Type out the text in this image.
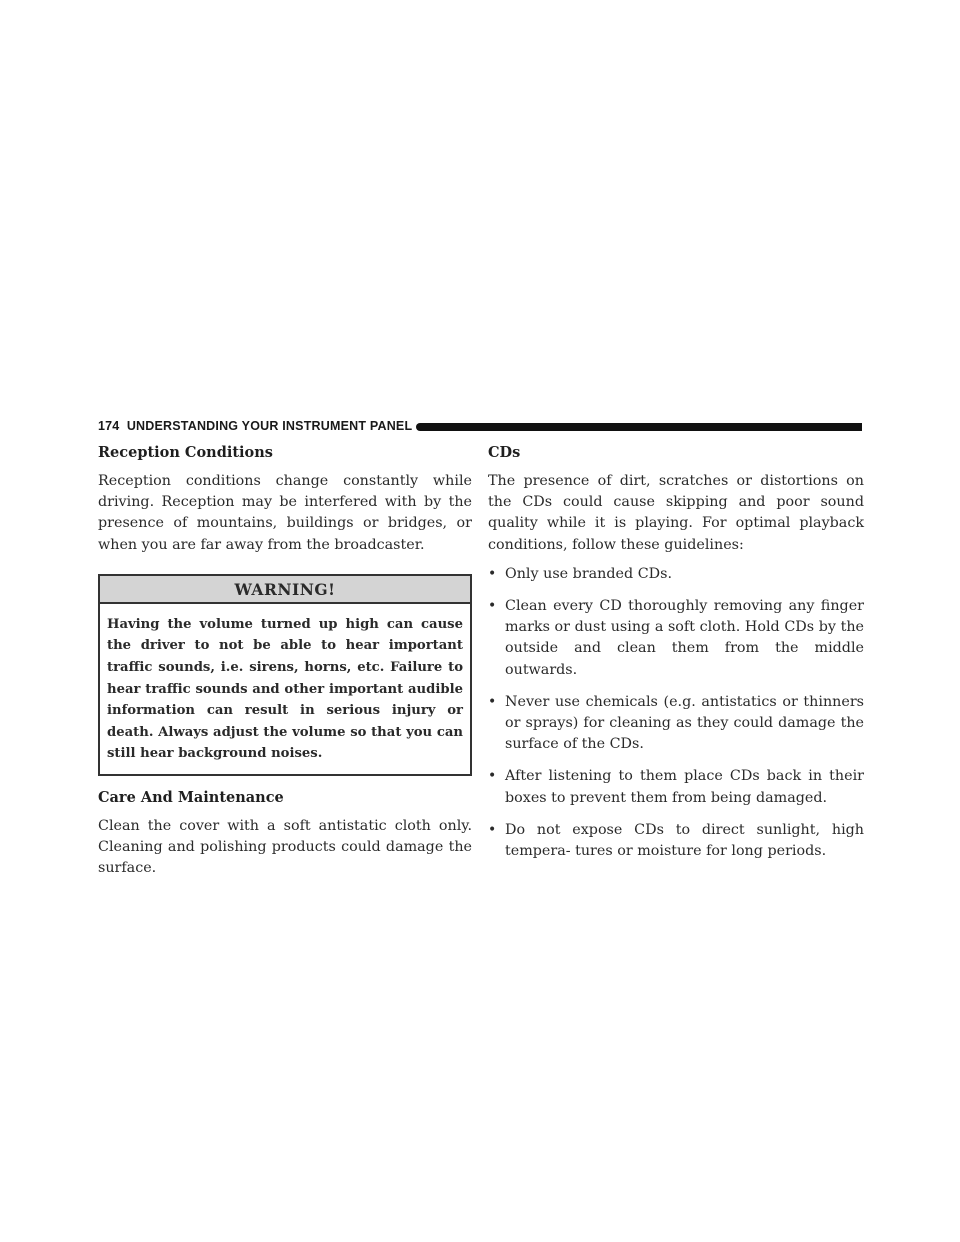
174 UNDERSTANDING YOUR INSTRUMENT PANEL
Reception Conditions

Reception conditions change constantly while driving. Reception may be interfered with by the presence of mountains, buildings or bridges, or when you are far away from the broadcaster.

WARNING!
Having the volume turned up high can cause the driver to not be able to hear important traffic sounds, i.e. sirens, horns, etc. Failure to hear traffic sounds and other important audible information can result in serious injury or death. Always adjust the volume so that you can still hear background noises.
Care And Maintenance

Clean the cover with a soft antistatic cloth only. Cleaning and polishing products could damage the surface.

CDs

The presence of dirt, scratches or distortions on the CDs could cause skipping and poor sound quality while it is playing. For optimal playback conditions, follow these guidelines:

• Only use branded CDs.
• Clean every CD thoroughly removing any finger marks or dust using a soft cloth. Hold CDs by the outside and clean them from the middle outwards.
• Never use chemicals (e.g. antistatics or thinners or sprays) for cleaning as they could damage the surface of the CDs.
• After listening to them place CDs back in their boxes to prevent them from being damaged.
• Do not expose CDs to direct sunlight, high tempera- tures or moisture for long periods.
